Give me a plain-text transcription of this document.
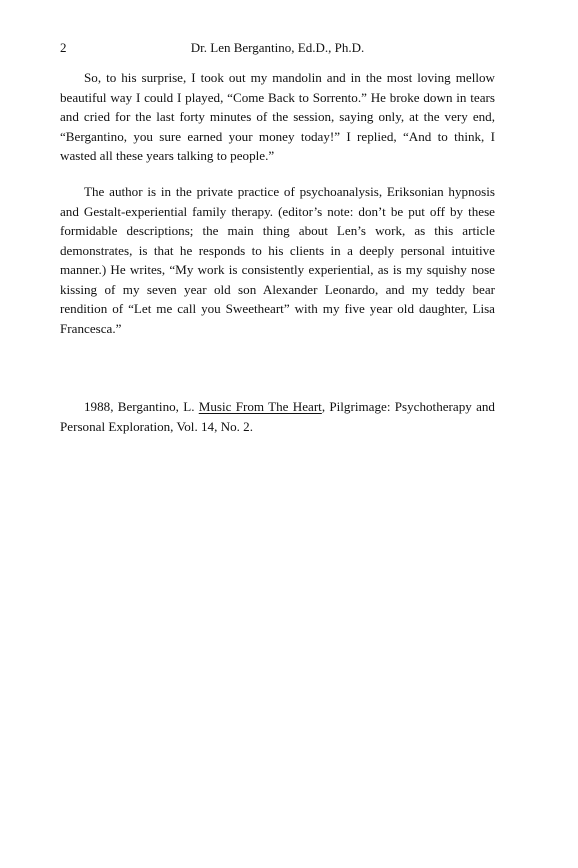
2	Dr. Len Bergantino, Ed.D., Ph.D.

So, to his surprise, I took out my mandolin and in the most loving mellow beautiful way I could I played, “Come Back to Sorrento.” He broke down in tears and cried for the last forty minutes of the session, saying only, at the very end, “Bergantino, you sure earned your money today!” I replied, “And to think, I wasted all these years talking to people.”

The author is in the private practice of psychoanalysis, Eriksonian hypnosis and Gestalt-experiential family therapy. (editor’s note: don’t be put off by these formidable descriptions; the main thing about Len’s work, as this article demonstrates, is that he responds to his clients in a deeply personal intuitive manner.) He writes, “My work is consistently experiential, as is my squishy nose kissing of my seven year old son Alexander Leonardo, and my teddy bear rendition of “Let me call you Sweetheart” with my five year old daughter, Lisa Francesca.”

1988, Bergantino, L. Music From The Heart, Pilgrimage: Psychotherapy and Personal Exploration, Vol. 14, No. 2.
